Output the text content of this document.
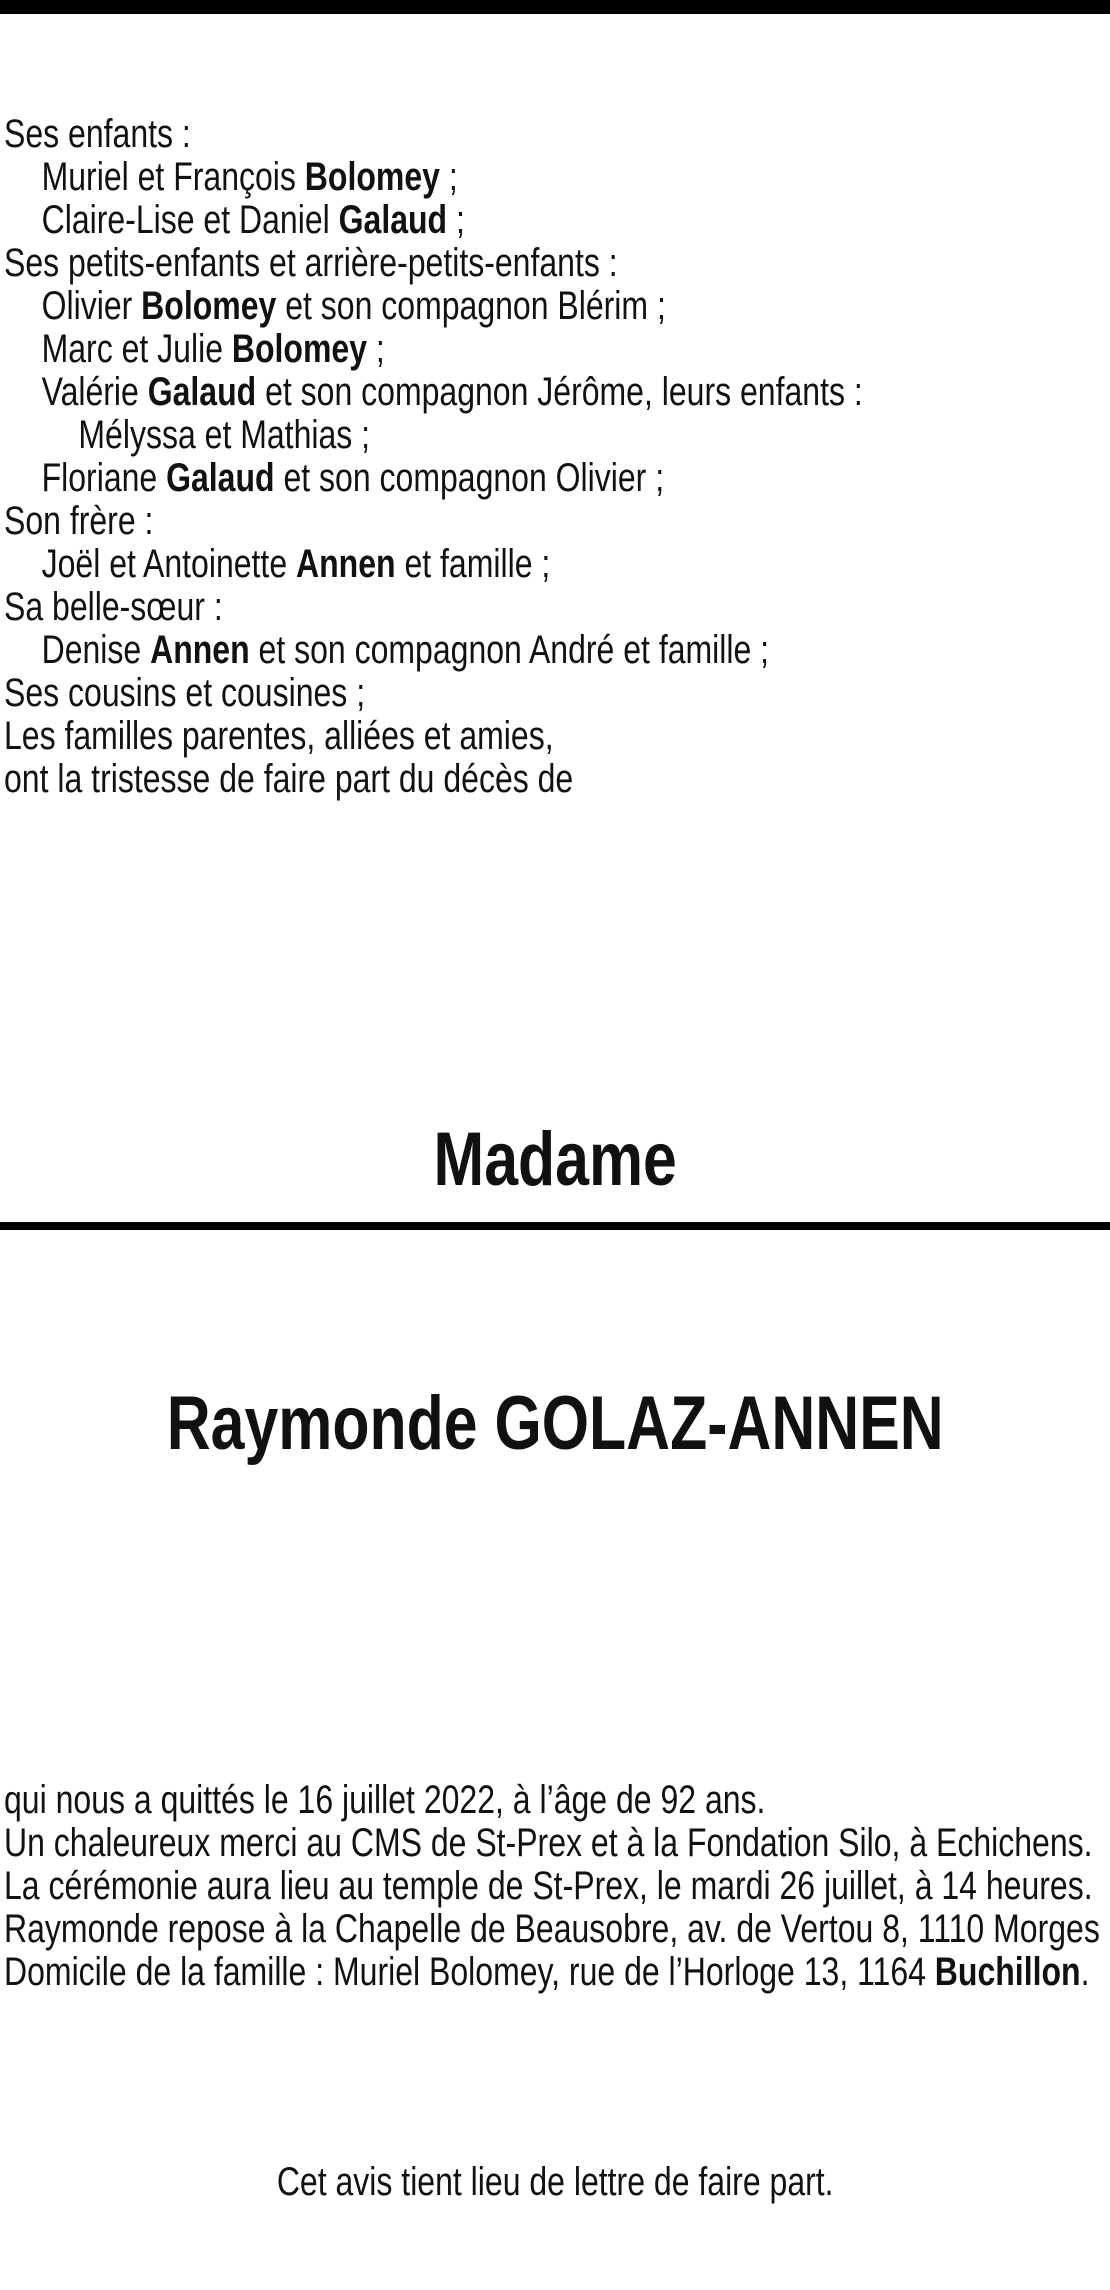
Ses enfants :
Muriel et François Bolomey ;
Claire-Lise et Daniel Galaud ;
Ses petits-enfants et arrière-petits-enfants :
Olivier Bolomey et son compagnon Blérim ;
Marc et Julie Bolomey ;
Valérie Galaud et son compagnon Jérôme, leurs enfants :
Mélyssa et Mathias ;
Floriane Galaud et son compagnon Olivier ;
Son frère :
Joël et Antoinette Annen et famille ;
Sa belle-sœur :
Denise Annen et son compagnon André et famille ;
Ses cousins et cousines ;
Les familles parentes, alliées et amies,
ont la tristesse de faire part du décès de

Madame

Raymonde GOLAZ-ANNEN

qui nous a quittés le 16 juillet 2022, à l’âge de 92 ans.
Un chaleureux merci au CMS de St-Prex et à la Fondation Silo, à Echichens.
La cérémonie aura lieu au temple de St-Prex, le mardi 26 juillet, à 14 heures.
Raymonde repose à la Chapelle de Beausobre, av. de Vertou 8, 1110 Morges
Domicile de la famille : Muriel Bolomey, rue de l’Horloge 13, 1164 Buchillon.

Cet avis tient lieu de lettre de faire part.
